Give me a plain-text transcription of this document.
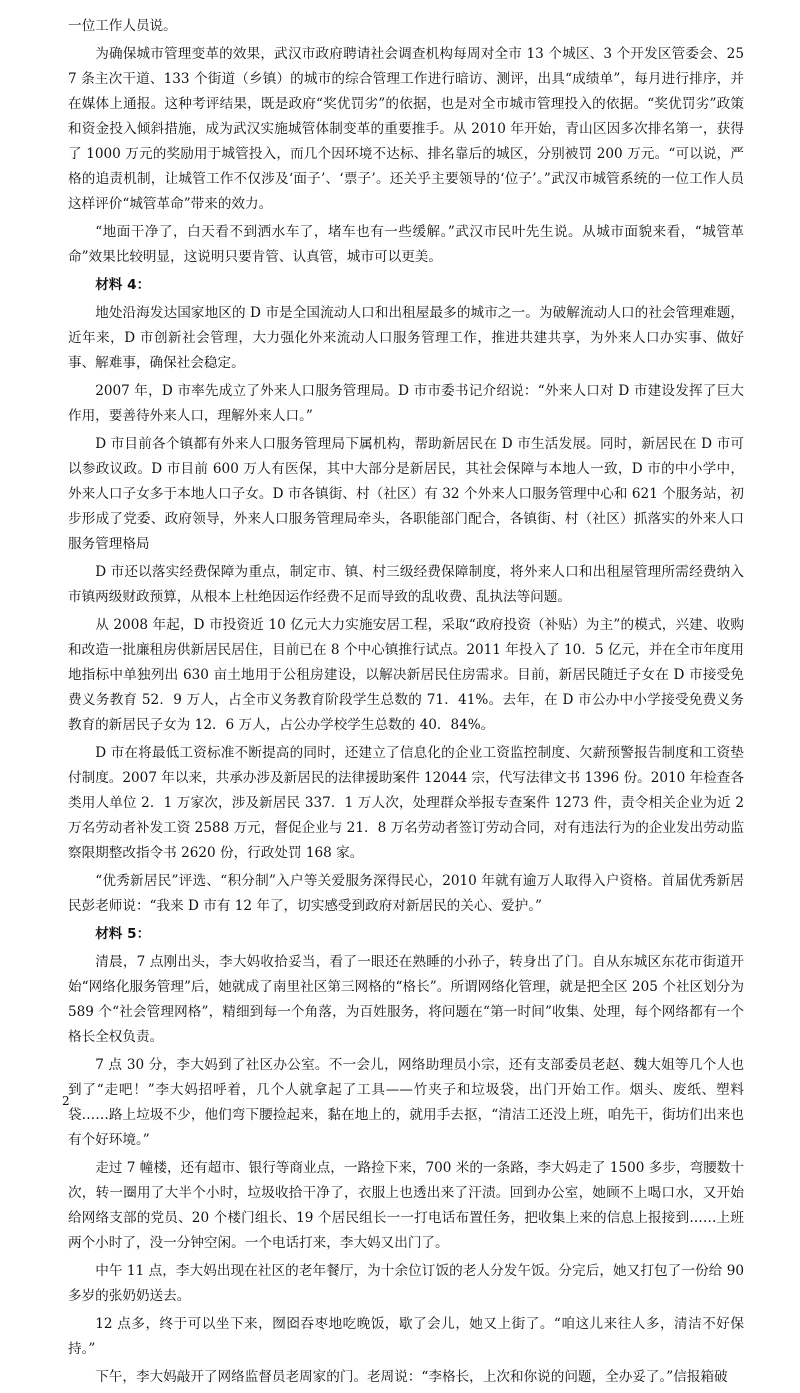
一位工作人员说。

为确保城市管理变革的效果，武汉市政府聘请社会调查机构每周对全市 13 个城区、3 个开发区管委会、257 条主次干道、133 个街道（乡镇）的城市的综合管理工作进行暗访、测评，出具“成绩单”，每月进行排序，并在媒体上通报。这种考评结果，既是政府“奖优罚劣”的依据，也是对全市城市管理投入的依据。“奖优罚劣”政策和资金投入倾斜措施，成为武汉实施城管体制变革的重要推手。从 2010 年开始，青山区因多次排名第一，获得了 1000 万元的奖励用于城管投入，而几个因环境不达标、排名靠后的城区，分别被罚 200 万元。“可以说，严格的追责机制，让城管工作不仅涉及‘面子’、‘票子’。还关乎主要领导的‘位子’。”武汉市城管系统的一位工作人员这样评价“城管革命”带来的效力。

“地面干净了，白天看不到洒水车了，堵车也有一些缓解。”武汉市民叶先生说。从城市面貌来看，“城管革命”效果比较明显，这说明只要肯管、认真管，城市可以更美。

材料 4：

地处沿海发达国家地区的 D 市是全国流动人口和出租屋最多的城市之一。为破解流动人口的社会管理难题，近年来，D 市创新社会管理，大力强化外来流动人口服务管理工作，推进共建共享，为外来人口办实事、做好事、解难事，确保社会稳定。

2007 年，D 市率先成立了外来人口服务管理局。D 市市委书记介绍说：“外来人口对 D 市建设发挥了巨大作用，要善待外来人口，理解外来人口。”

D 市目前各个镇都有外来人口服务管理局下属机构，帮助新居民在 D 市生活发展。同时，新居民在 D 市可以参政议政。D 市目前 600 万人有医保，其中大部分是新居民，其社会保障与本地人一致，D 市的中小学中，外来人口子女多于本地人口子女。D 市各镇街、村（社区）有 32 个外来人口服务管理中心和 621 个服务站，初步形成了党委、政府领导，外来人口服务管理局牵头，各职能部门配合，各镇街、村（社区）抓落实的外来人口服务管理格局

D 市还以落实经费保障为重点，制定市、镇、村三级经费保障制度，将外来人口和出租屋管理所需经费纳入市镇两级财政预算，从根本上杜绝因运作经费不足而导致的乱收费、乱执法等问题。

从 2008 年起，D 市投资近 10 亿元大力实施安居工程，采取“政府投资（补贴）为主”的模式，兴建、收购和改造一批廉租房供新居民居住，目前已在 8 个中心镇推行试点。2011 年投入了 10．5 亿元，并在全市年度用地指标中单独列出 630 亩土地用于公租房建设，以解决新居民住房需求。目前，新居民随迁子女在 D 市接受免费义务教育 52．9 万人，占全市义务教育阶段学生总数的 71．41%。去年，在 D 市公办中小学接受免费义务教育的新居民子女为 12．6 万人，占公办学校学生总数的 40．84%。

D 市在将最低工资标准不断提高的同时，还建立了信息化的企业工资监控制度、欠薪预警报告制度和工资垫付制度。2007 年以来，共承办涉及新居民的法律援助案件 12044 宗，代写法律文书 1396 份。2010 年检查各类用人单位 2．1 万家次，涉及新居民 337．1 万人次，处理群众举报专查案件 1273 件，责令相关企业为近 2 万名劳动者补发工资 2588 万元，督促企业与 21．8 万名劳动者签订劳动合同，对有违法行为的企业发出劳动监察限期整改指令书 2620 份，行政处罚 168 家。

“优秀新居民”评选、“积分制”入户等关爱服务深得民心，2010 年就有逾万人取得入户资格。首届优秀新居民彭老师说：“我来 D 市有 12 年了，切实感受到政府对新居民的关心、爱护。”

材料 5：

清晨，7 点刚出头，李大妈收拾妥当，看了一眼还在熟睡的小孙子，转身出了门。自从东城区东花市街道开始“网络化服务管理”后，她就成了南里社区第三网格的“格长”。所谓网络化管理，就是把全区 205 个社区划分为 589 个“社会管理网格”，精细到每一个角落，为百姓服务，将问题在“第一时间”收集、处理，每个网络都有一个格长全权负责。

7 点 30 分，李大妈到了社区办公室。不一会儿，网络助理员小宗，还有支部委员老赵、魏大姐等几个人也到了“走吧！”李大妈招呼着，几个人就拿起了工具——竹夹子和垃圾袋，出门开始工作。烟头、废纸、塑料袋……路上垃圾不少，他们弯下腰捡起来，黏在地上的，就用手去抠，“清洁工还没上班，咱先干，街坊们出来也有个好环境。”

走过 7 幢楼，还有超市、银行等商业点，一路捡下来，700 米的一条路，李大妈走了 1500 多步，弯腰数十次，转一圈用了大半个小时，垃圾收拾干净了，衣服上也透出来了汗渍。回到办公室，她顾不上喝口水，又开始给网络支部的党员、20 个楼门组长、19 个居民组长一一打电话布置任务，把收集上来的信息上报接到……上班两个小时了，没一分钟空闲。一个电话打来，李大妈又出门了。

中午 11 点，李大妈出现在社区的老年餐厅，为十余位订饭的老人分发午饭。分完后，她又打包了一份给 90 多岁的张奶奶送去。

12 点多，终于可以坐下来，囫囵吞枣地吃晚饭，歇了会儿，她又上街了。“咱这儿来往人多，清洁不好保持。”

下午，李大妈敲开了网络监督员老周家的门。老周说：“李格长，上次和你说的问题，全办妥了。”信报箱破

2
